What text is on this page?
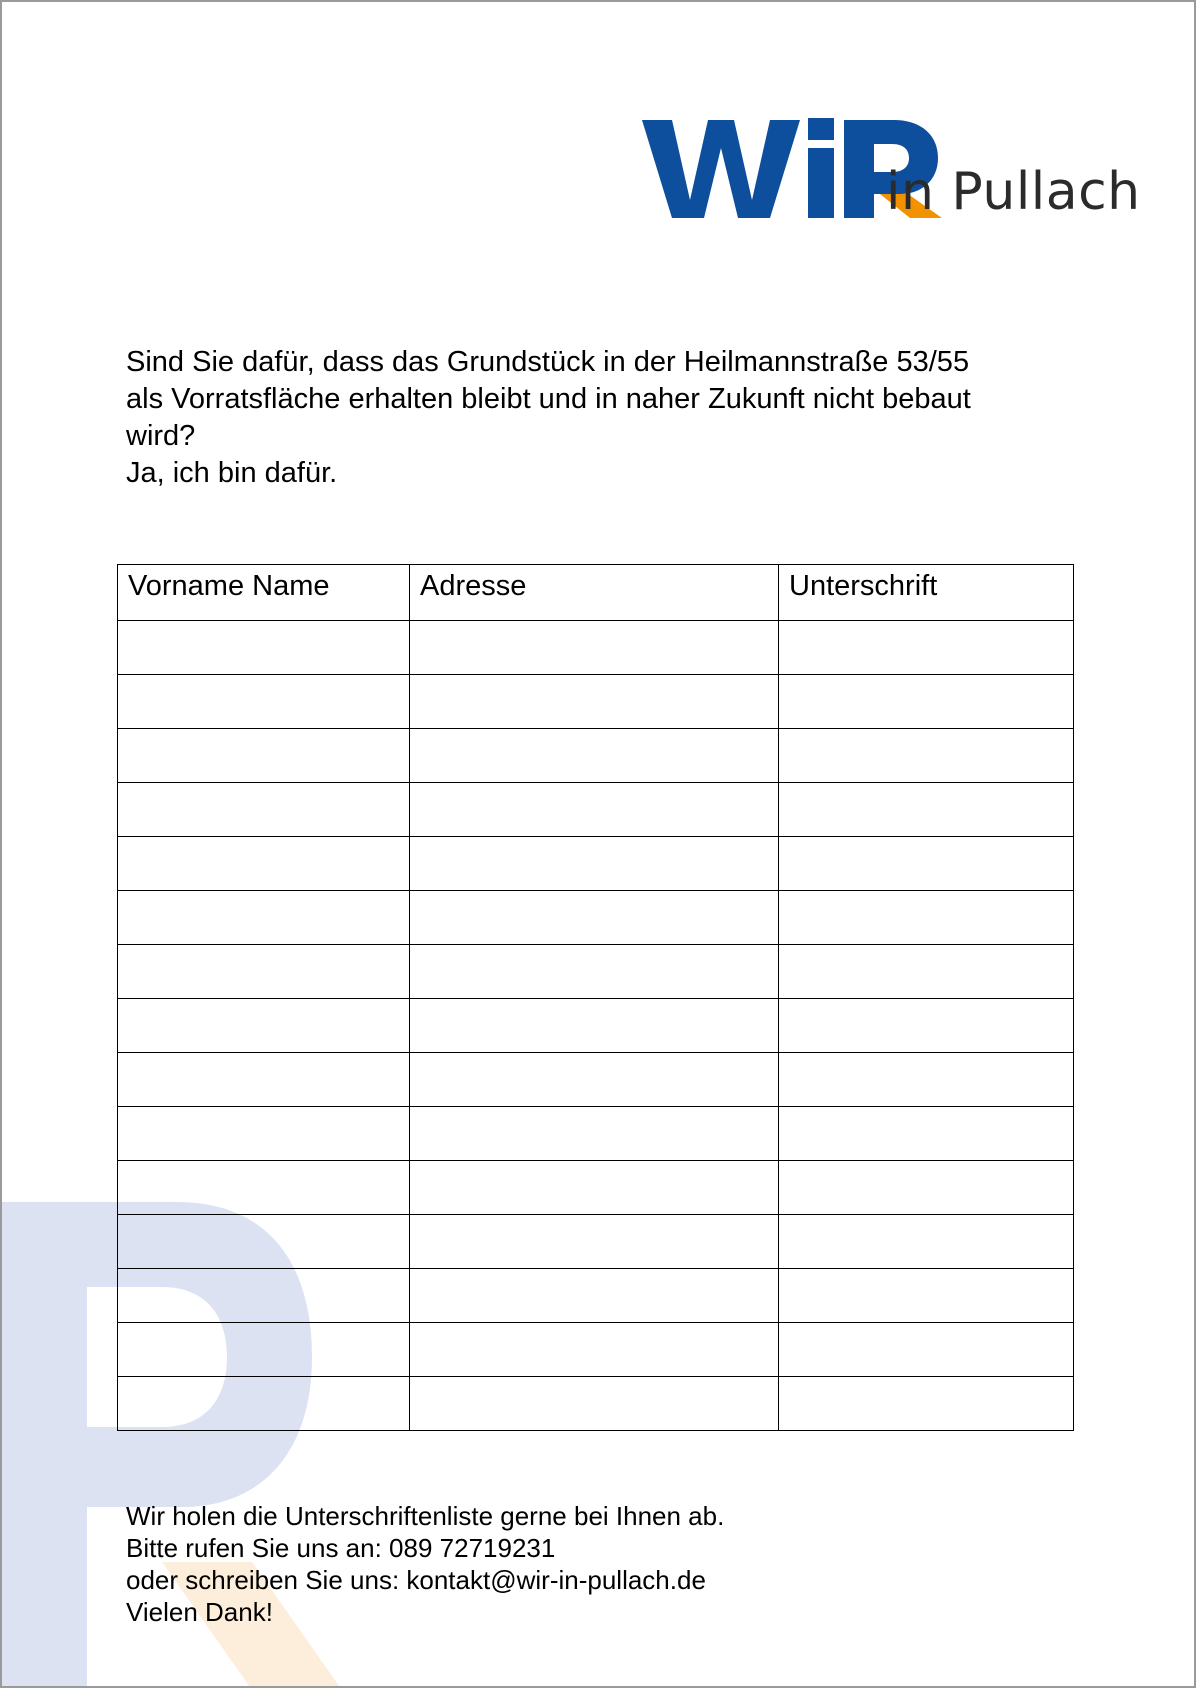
in Pullach

Sind Sie dafür, dass das Grundstück in der Heilmannstraße 53/55

als Vorratsfläche erhalten bleibt und in naher Zukunft nicht bebaut

wird?

Ja, ich bin dafür.

Vorname Name	Adresse	Unterschrift

Wir holen die Unterschriftenliste gerne bei Ihnen ab.

Bitte rufen Sie uns an: 089 72719231

oder schreiben Sie uns: kontakt@wir-in-pullach.de

Vielen Dank!
